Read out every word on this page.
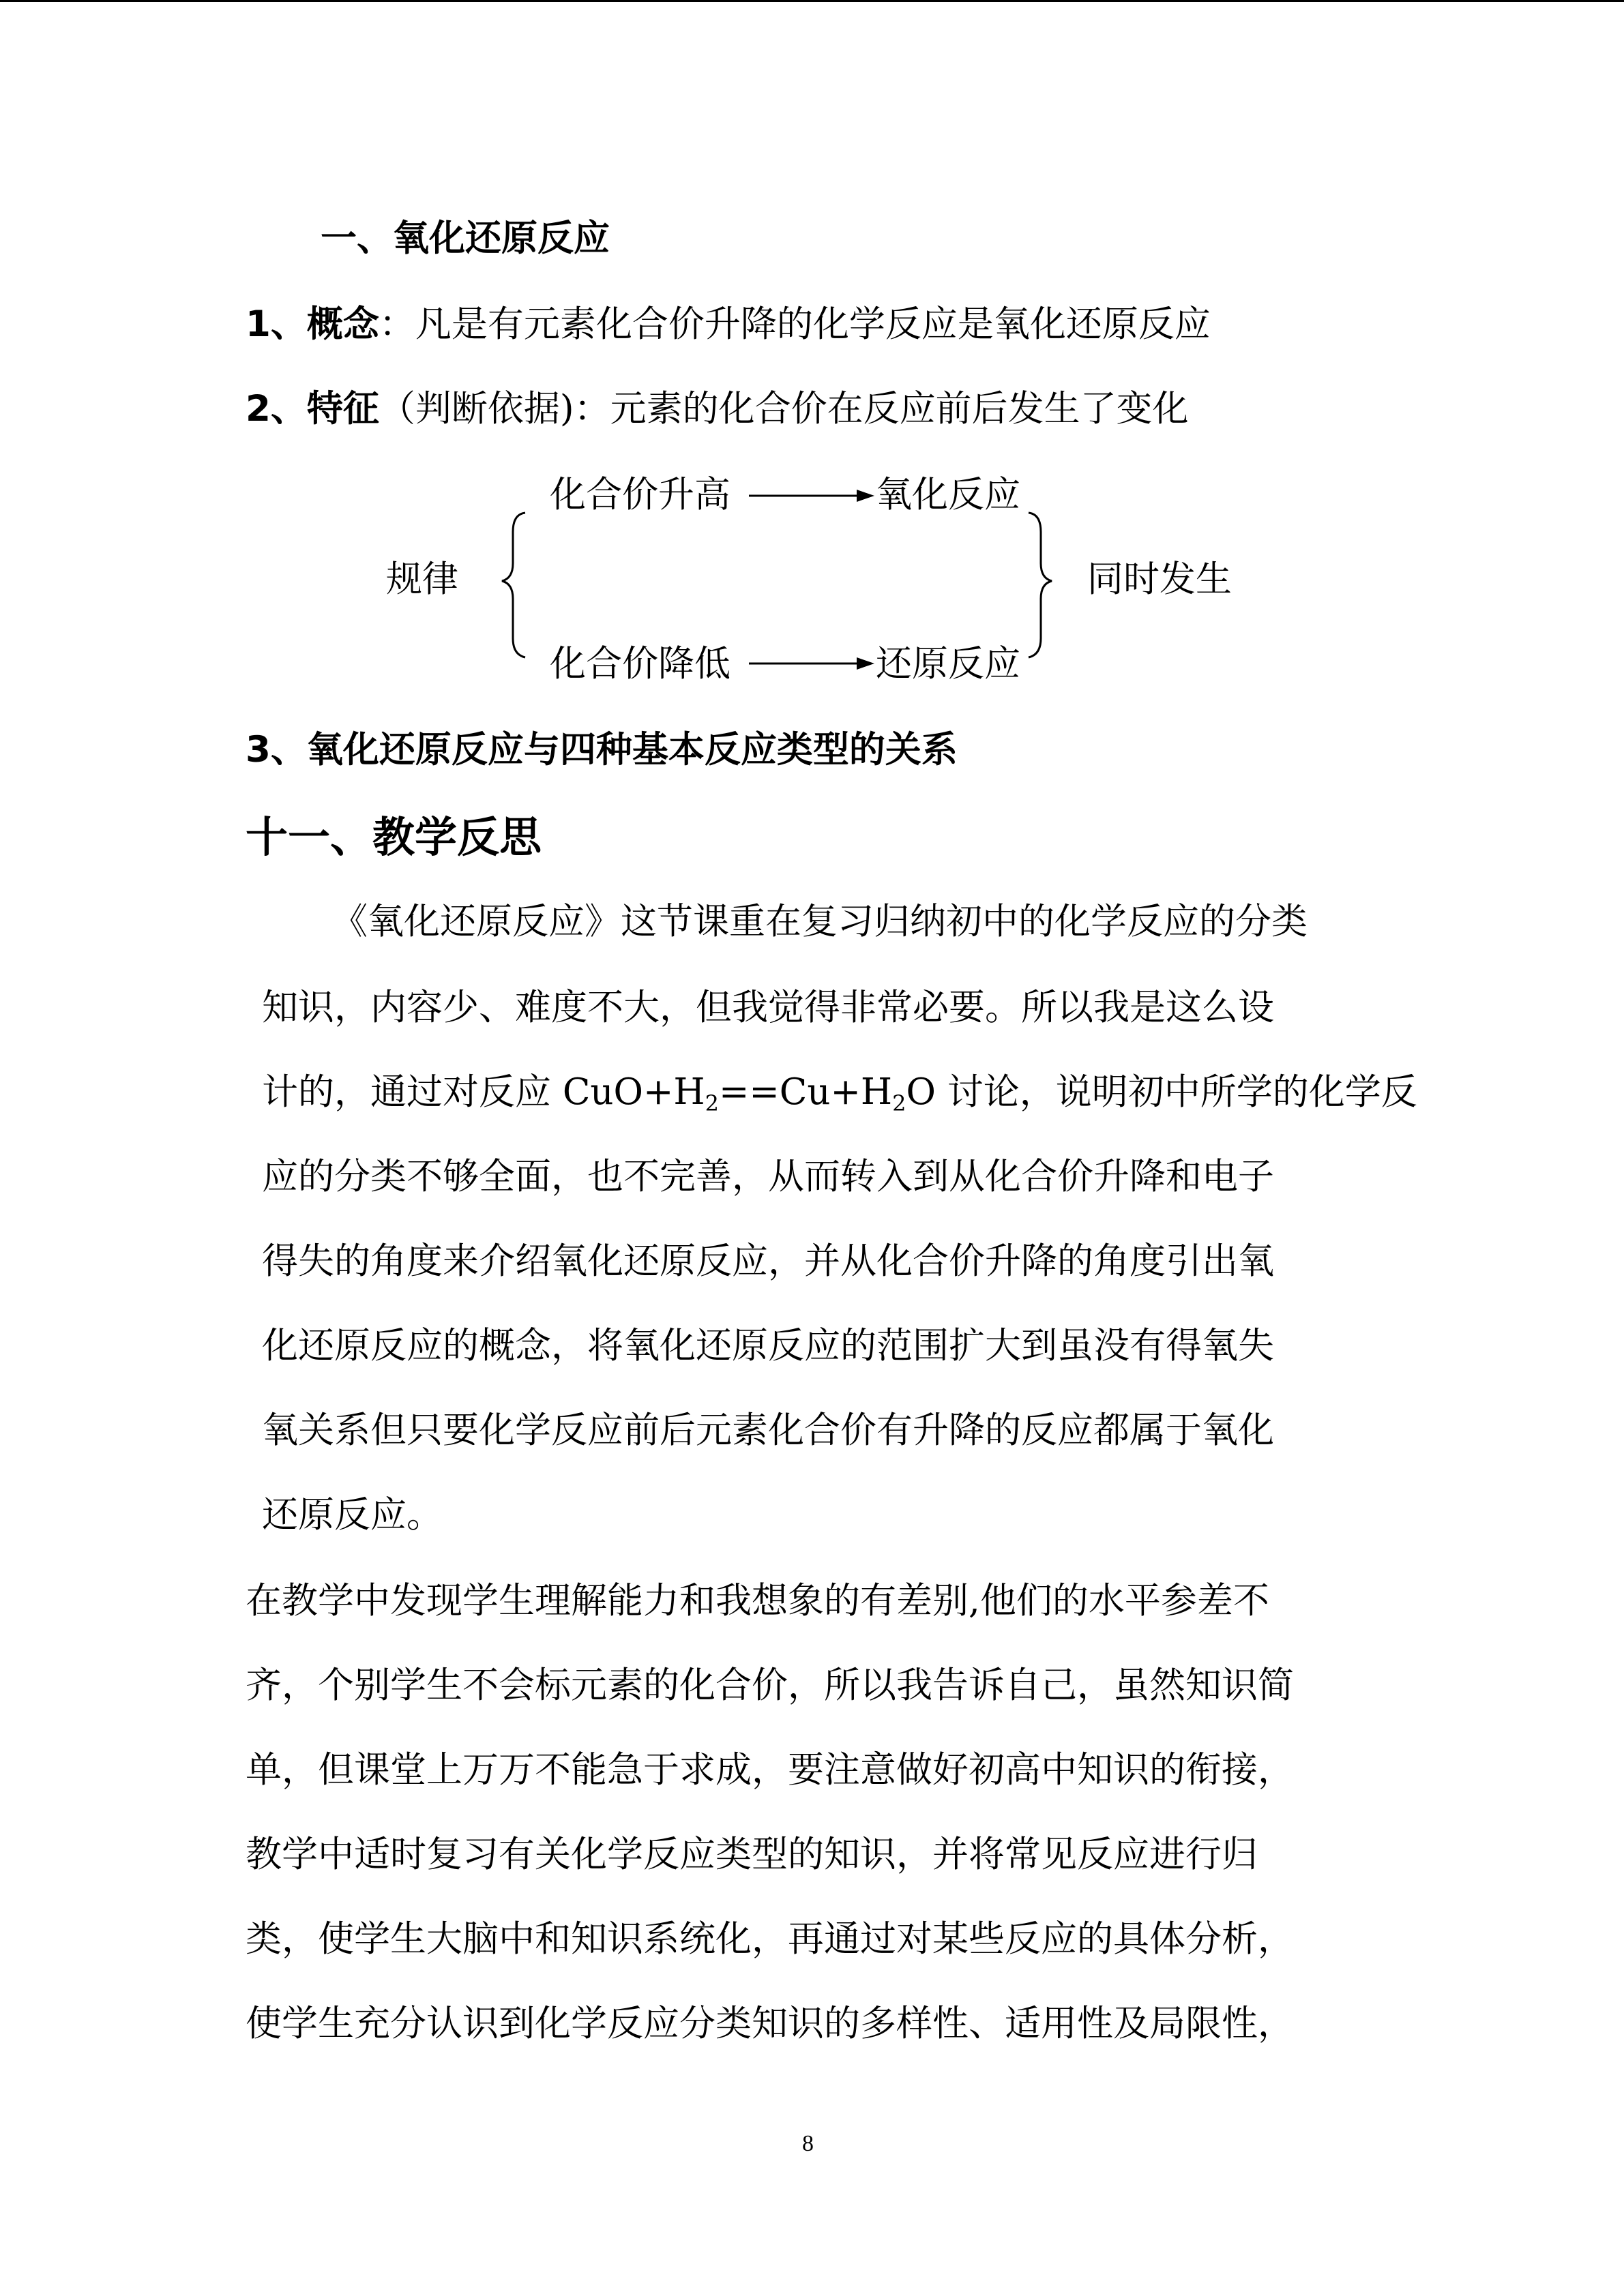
一、氧化还原反应
1、概念：凡是有元素化合价升降的化学反应是氧化还原反应
2、特征（判断依据)：元素的化合价在反应前后发生了变化
规律
化合价升高	氧化反应
化合价降低	还原反应
同时发生
3、氧化还原反应与四种基本反应类型的关系
十一、教学反思
《氧化还原反应》这节课重在复习归纳初中的化学反应的分类
知识，内容少、难度不大，但我觉得非常必要。所以我是这么设
计的，通过对反应 $CuO+H_2==Cu+H_2O$ 讨论，说明初中所学的化学反
应的分类不够全面，也不完善，从而转入到从化合价升降和电子
得失的角度来介绍氧化还原反应，并从化合价升降的角度引出氧
化还原反应的概念，将氧化还原反应的范围扩大到虽没有得氧失
氧关系但只要化学反应前后元素化合价有升降的反应都属于氧化
还原反应。
在教学中发现学生理解能力和我想象的有差别,他们的水平参差不
齐，个别学生不会标元素的化合价，所以我告诉自己，虽然知识简
单，但课堂上万万不能急于求成，要注意做好初高中知识的衔接，
教学中适时复习有关化学反应类型的知识，并将常见反应进行归
类，使学生大脑中和知识系统化，再通过对某些反应的具体分析，
使学生充分认识到化学反应分类知识的多样性、适用性及局限性，
8
